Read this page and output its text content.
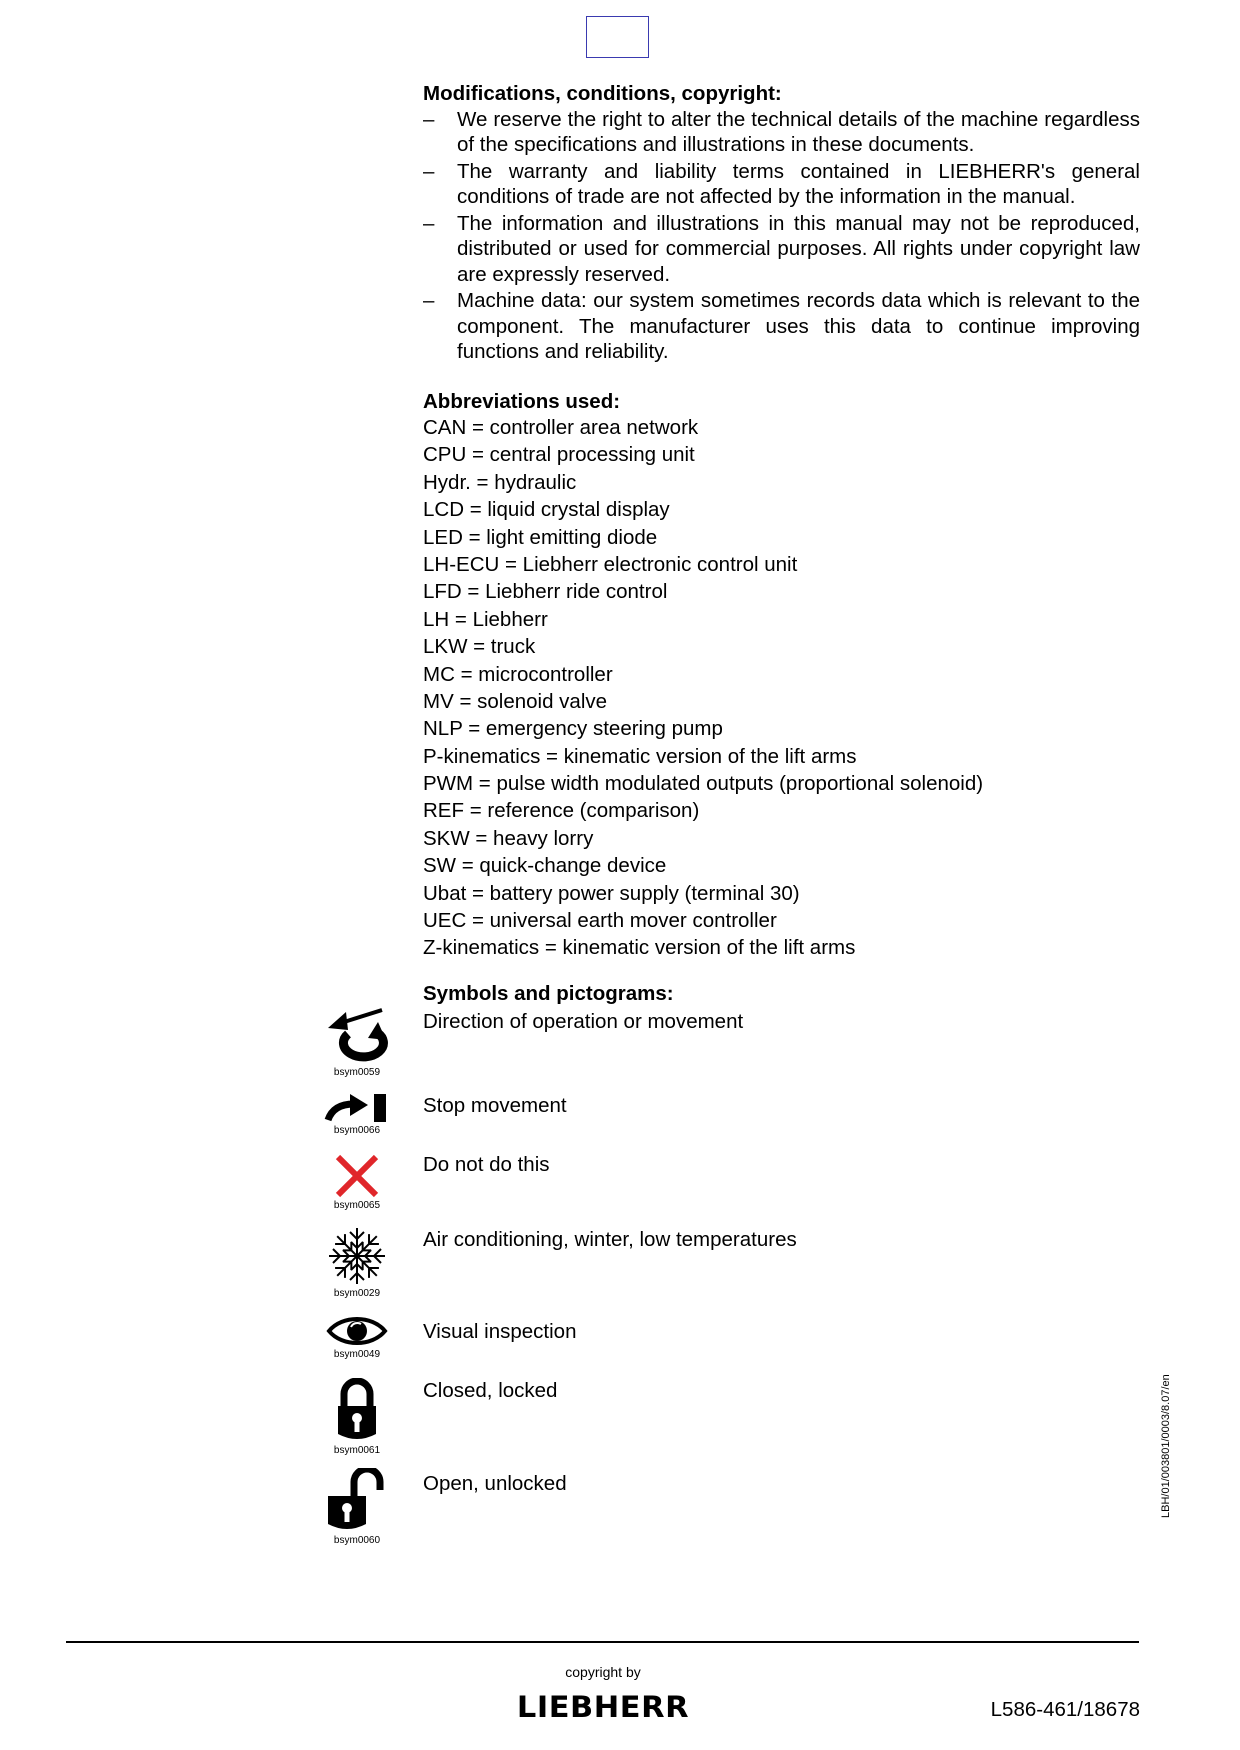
Modifications, conditions, copyright:

– We reserve the right to alter the technical details of the machine regardless of the specifications and illustrations in these documents.
– The warranty and liability terms contained in LIEBHERR's general conditions of trade are not affected by the information in the manual.
– The information and illustrations in this manual may not be reproduced, distributed or used for commercial purposes. All rights under copyright law are expressly reserved.
– Machine data: our system sometimes records data which is relevant to the component. The manufacturer uses this data to continue improving functions and reliability.

Abbreviations used:

CAN = controller area network
CPU = central processing unit
Hydr. = hydraulic
LCD = liquid crystal display
LED = light emitting diode
LH-ECU = Liebherr electronic control unit
LFD = Liebherr ride control
LH = Liebherr
LKW = truck
MC = microcontroller
MV = solenoid valve
NLP = emergency steering pump
P-kinematics = kinematic version of the lift arms
PWM = pulse width modulated outputs (proportional solenoid)
REF = reference (comparison)
SKW = heavy lorry
SW = quick-change device
Ubat = battery power supply (terminal 30)
UEC = universal earth mover controller
Z-kinematics = kinematic version of the lift arms
Symbols and pictograms:
bsym0059
Direction of operation or movement
bsym0066
Stop movement
bsym0065
Do not do this
bsym0029
Air conditioning, winter, low temperatures
bsym0049
Visual inspection
bsym0061
Closed, locked
bsym0060
Open, unlocked	LBH/01/003801/0003/8.07/en
copyright by
LIEBHERR	L586-461/18678
